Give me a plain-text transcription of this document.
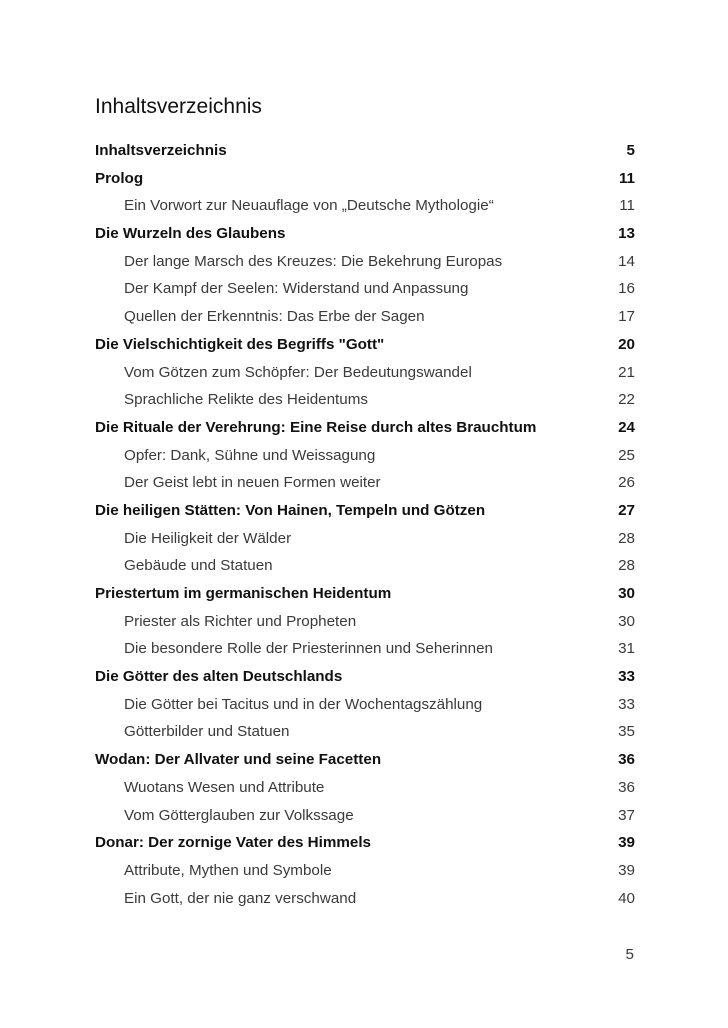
Inhaltsverzeichnis
Inhaltsverzeichnis	5
Prolog	11
Ein Vorwort zur Neuauflage von „Deutsche Mythologie“	11
Die Wurzeln des Glaubens	13
Der lange Marsch des Kreuzes: Die Bekehrung Europas	14
Der Kampf der Seelen: Widerstand und Anpassung	16
Quellen der Erkenntnis: Das Erbe der Sagen	17
Die Vielschichtigkeit des Begriffs "Gott"	20
Vom Götzen zum Schöpfer: Der Bedeutungswandel	21
Sprachliche Relikte des Heidentums	22
Die Rituale der Verehrung: Eine Reise durch altes Brauchtum	24
Opfer: Dank, Sühne und Weissagung	25
Der Geist lebt in neuen Formen weiter	26
Die heiligen Stätten: Von Hainen, Tempeln und Götzen	27
Die Heiligkeit der Wälder	28
Gebäude und Statuen	28
Priestertum im germanischen Heidentum	30
Priester als Richter und Propheten	30
Die besondere Rolle der Priesterinnen und Seherinnen	31
Die Götter des alten Deutschlands	33
Die Götter bei Tacitus und in der Wochentagszählung	33
Götterbilder und Statuen	35
Wodan: Der Allvater und seine Facetten	36
Wuotans Wesen und Attribute	36
Vom Götterglauben zur Volkssage	37
Donar: Der zornige Vater des Himmels	39
Attribute, Mythen und Symbole	39
Ein Gott, der nie ganz verschwand	40
5
